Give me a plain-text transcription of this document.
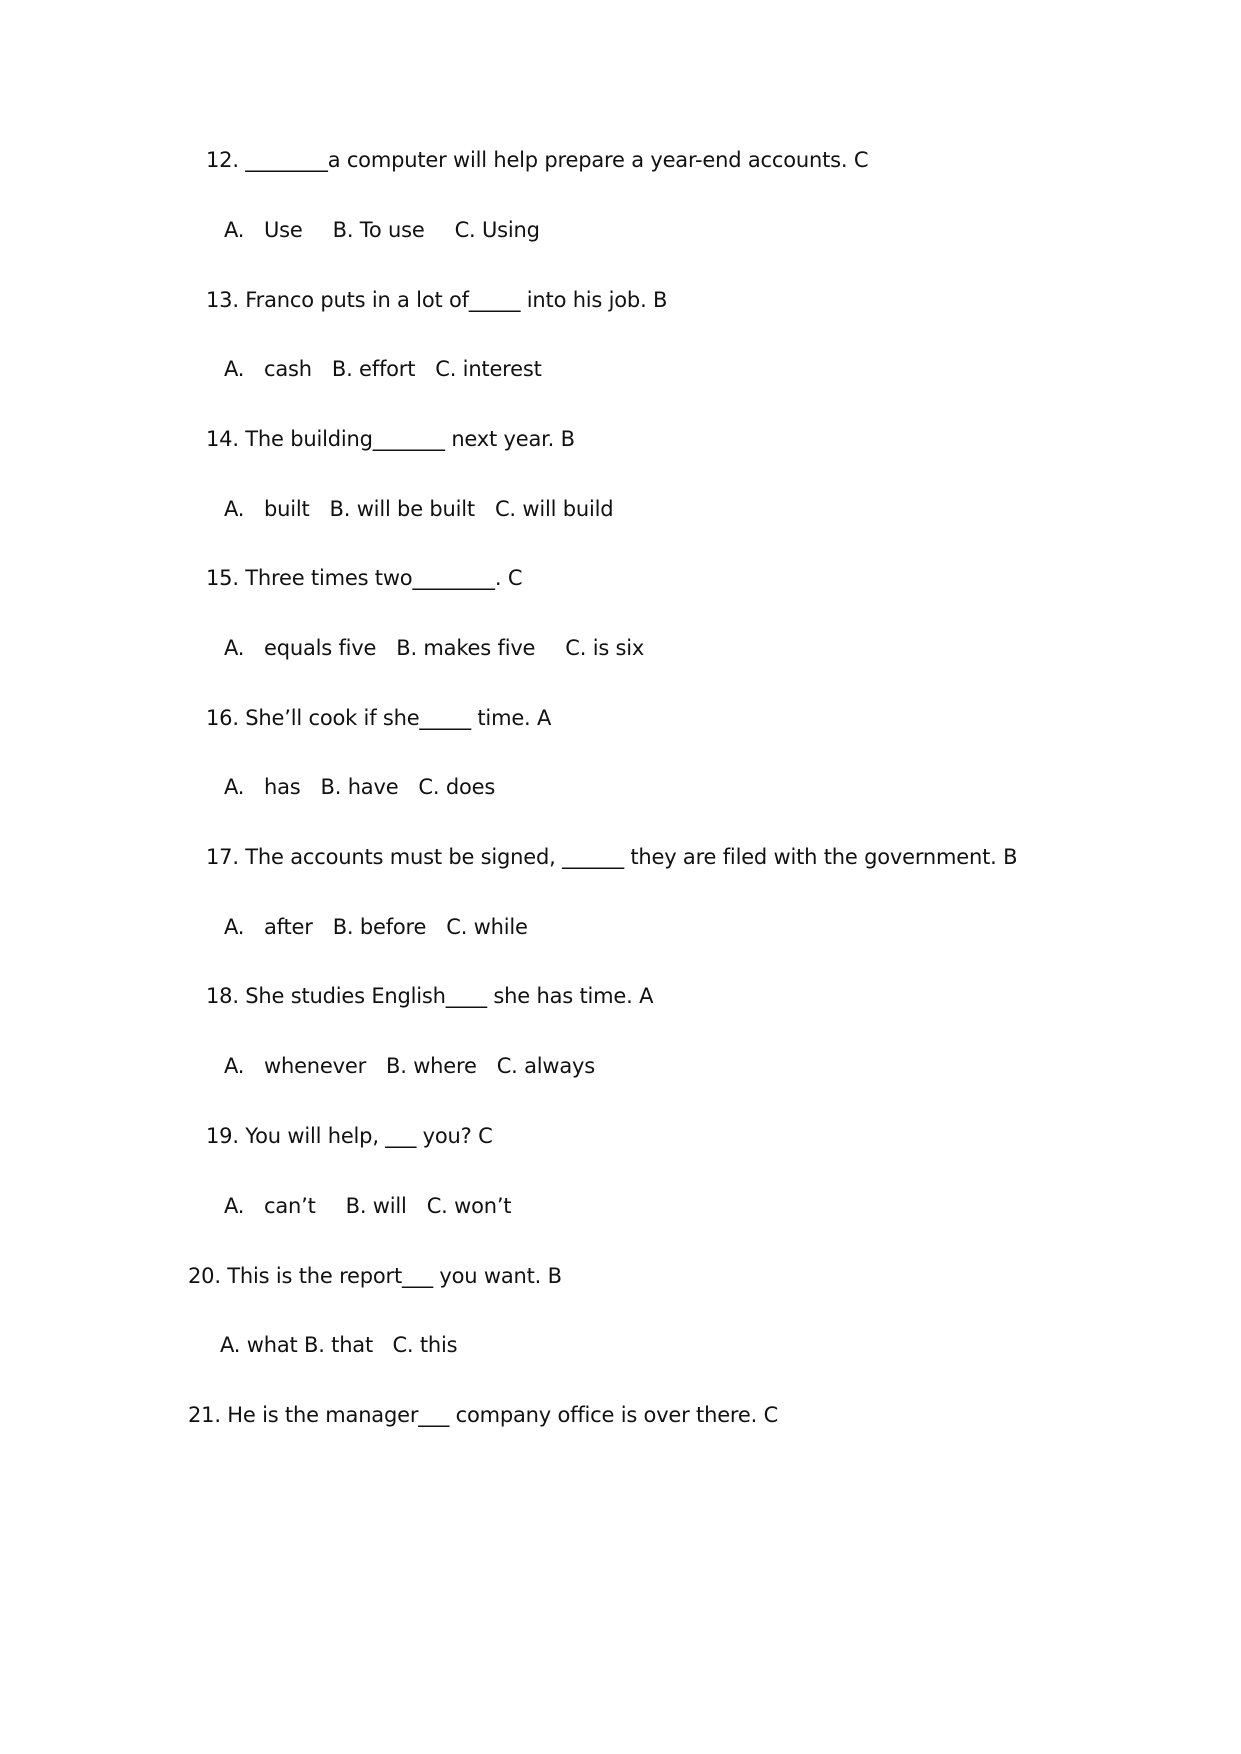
12. ________a computer will help prepare a year-end accounts. C
A. Use B. To use C. Using
13. Franco puts in a lot of_____ into his job. B
A. cash B. effort C. interest
14. The building_______ next year. B
A. built B. will be built C. will build
15. Three times two________. C
A. equals five B. makes five C. is six
16. She’ll cook if she_____ time. A
A. has B. have C. does
17. The accounts must be signed, ______ they are filed with the government. B
A. after B. before C. while
18. She studies English____ she has time. A
A. whenever B. where C. always
19. You will help, ___ you? C
A. can’t B. will C. won’t
20. This is the report___ you want. B
A. what B. that   C. this
21. He is the manager___ company office is over there. C
